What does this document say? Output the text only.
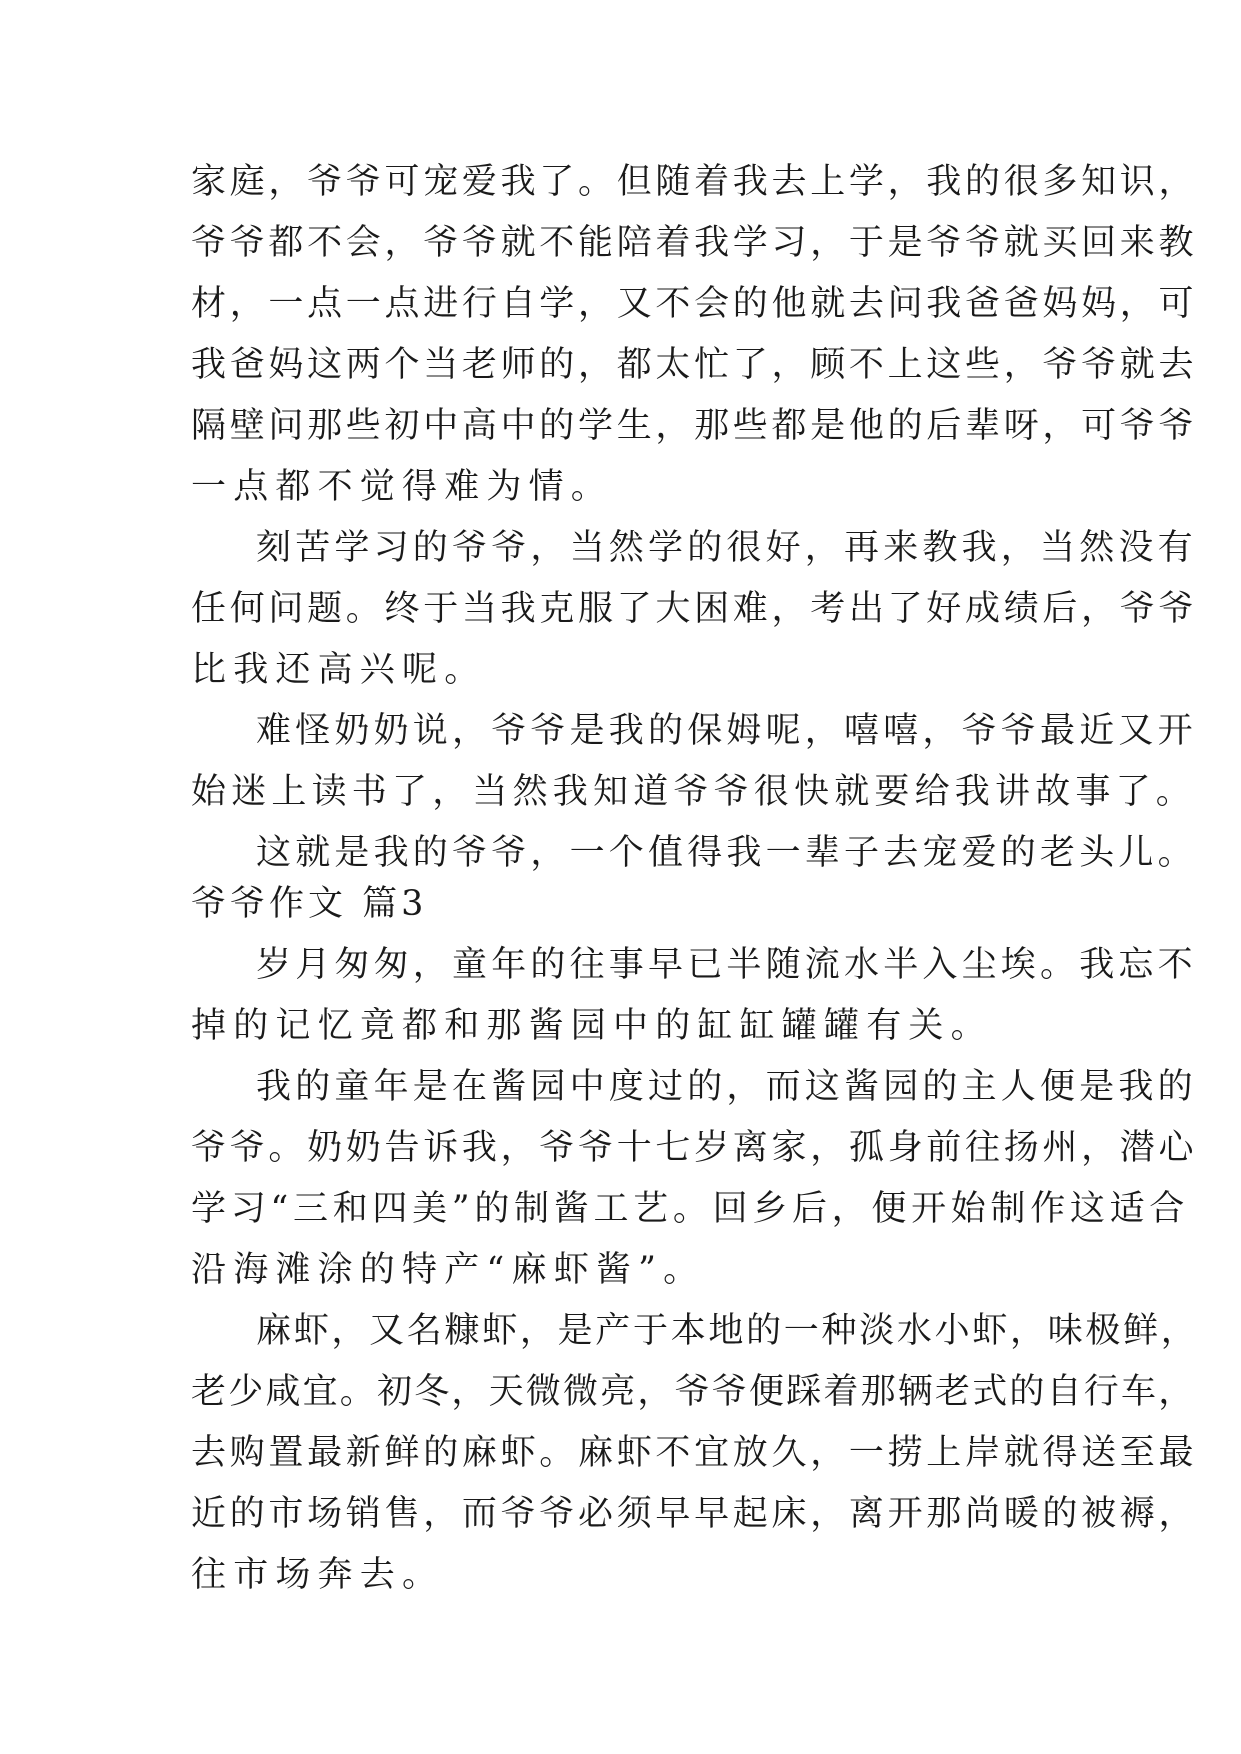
家庭，爷爷可宠爱我了。但随着我去上学，我的很多知识，
爷爷都不会，爷爷就不能陪着我学习，于是爷爷就买回来教
材，一点一点进行自学，又不会的他就去问我爸爸妈妈，可
我爸妈这两个当老师的，都太忙了，顾不上这些，爷爷就去
隔壁问那些初中高中的学生，那些都是他的后辈呀，可爷爷
一点都不觉得难为情。
刻苦学习的爷爷，当然学的很好，再来教我，当然没有
任何问题。终于当我克服了大困难，考出了好成绩后，爷爷
比我还高兴呢。
难怪奶奶说，爷爷是我的保姆呢，嘻嘻，爷爷最近又开
始迷上读书了，当然我知道爷爷很快就要给我讲故事了。
这就是我的爷爷，一个值得我一辈子去宠爱的老头儿。
爷爷作文 篇3
岁月匆匆，童年的往事早已半随流水半入尘埃。我忘不
掉的记忆竟都和那酱园中的缸缸罐罐有关。
我的童年是在酱园中度过的，而这酱园的主人便是我的
爷爷。奶奶告诉我，爷爷十七岁离家，孤身前往扬州，潜心
学习“三和四美”的制酱工艺。回乡后，便开始制作这适合
沿海滩涂的特产“麻虾酱”。
麻虾，又名糠虾，是产于本地的一种淡水小虾，味极鲜，
老少咸宜。初冬，天微微亮，爷爷便踩着那辆老式的自行车，
去购置最新鲜的麻虾。麻虾不宜放久，一捞上岸就得送至最
近的市场销售，而爷爷必须早早起床，离开那尚暖的被褥，
往市场奔去。
